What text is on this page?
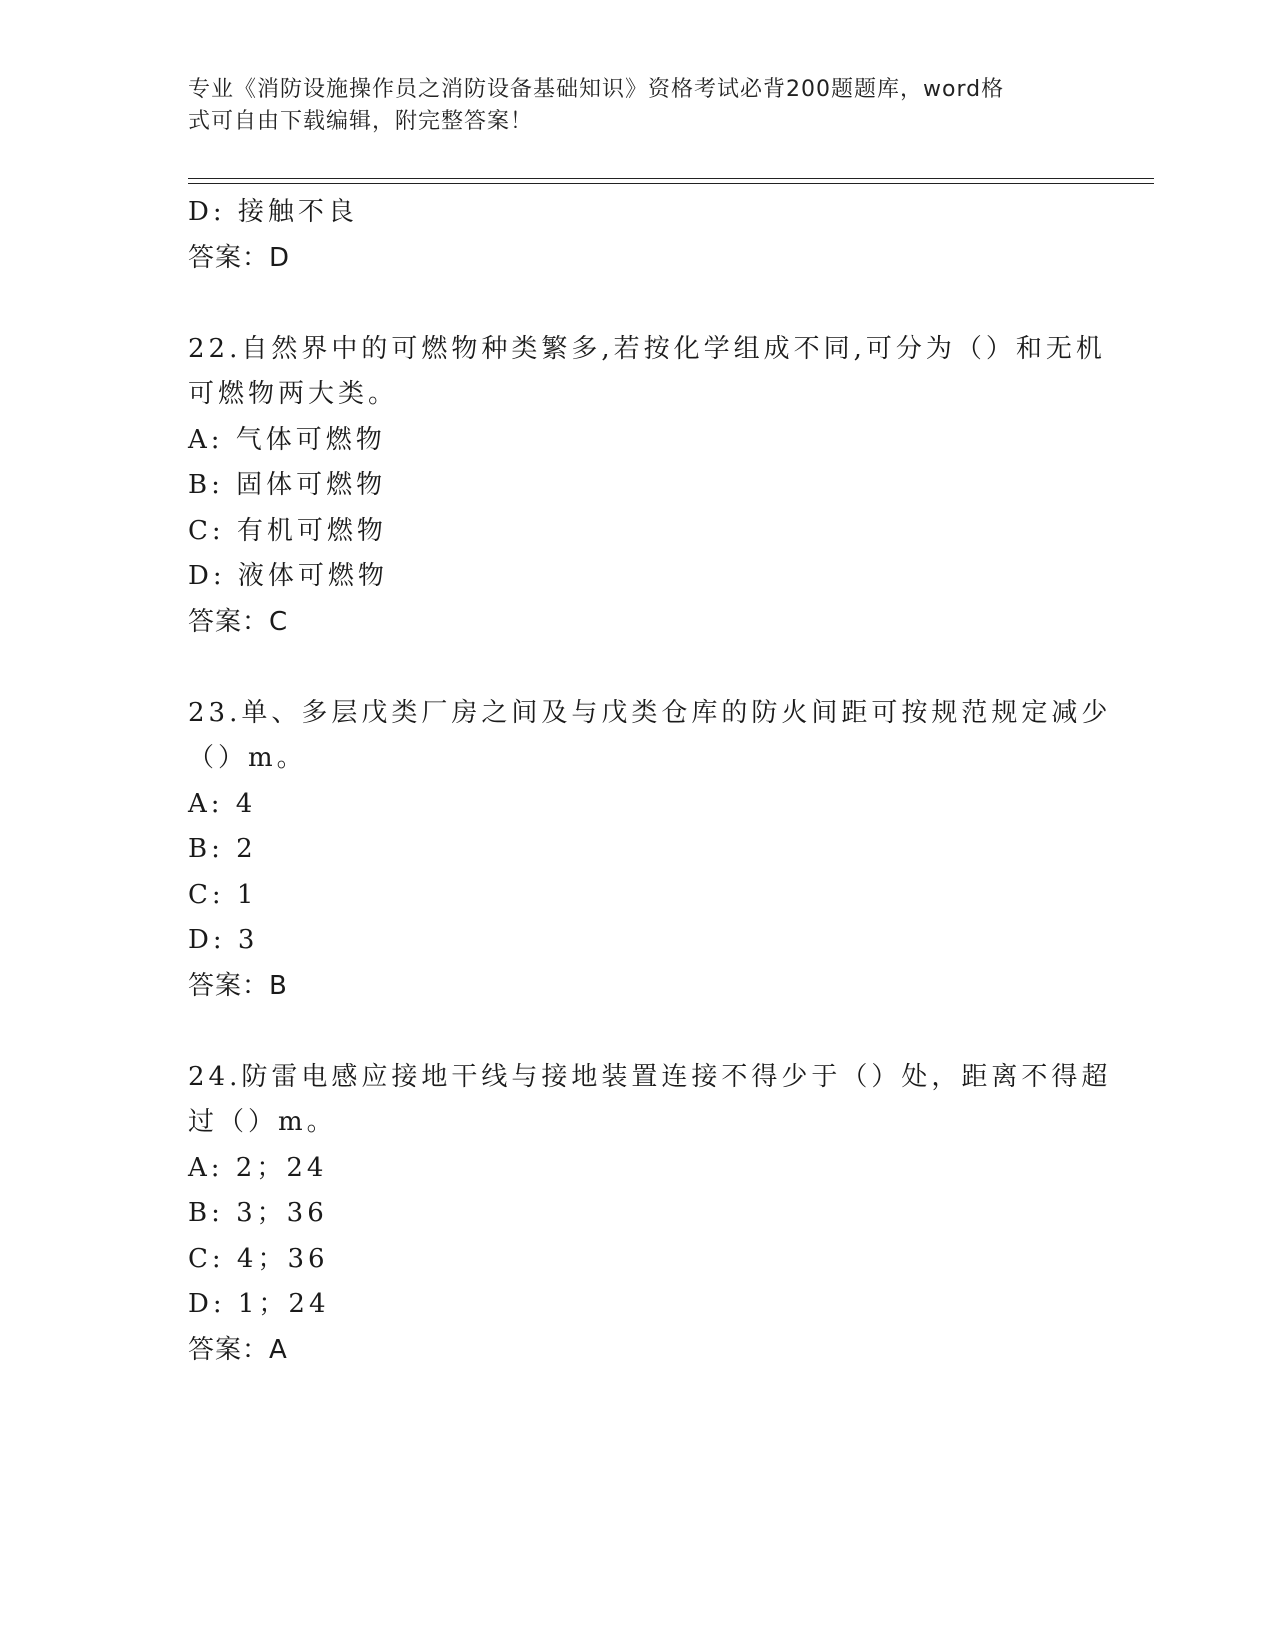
专业《消防设施操作员之消防设备基础知识》资格考试必背200题题库，word格
式可自由下载编辑，附完整答案！
D: 接触不良
答案：D
22.自然界中的可燃物种类繁多,若按化学组成不同,可分为（）和无机
可燃物两大类。
A: 气体可燃物
B: 固体可燃物
C: 有机可燃物
D: 液体可燃物
答案：C
23.单、多层戊类厂房之间及与戊类仓库的防火间距可按规范规定减少
（）m。
A: 4
B: 2
C: 1
D: 3
答案：B
24.防雷电感应接地干线与接地装置连接不得少于（）处，距离不得超
过（）m。
A: 2；24
B: 3；36
C: 4；36
D: 1；24
答案：A
